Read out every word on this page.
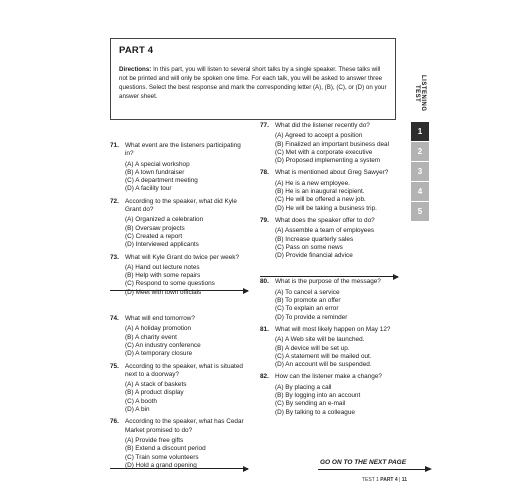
PART 4
Directions: In this part, you will listen to several short talks by a single speaker. These talks will not be printed and will only be spoken one time. For each talk, you will be asked to answer three questions. Select the best response and mark the corresponding letter (A), (B), (C), or (D) on your answer sheet.
71. What event are the listeners participating in?
(A) A special workshop
(B) A town fundraiser
(C) A department meeting
(D) A facility tour
72. According to the speaker, what did Kyle Grant do?
(A) Organized a celebration
(B) Oversaw projects
(C) Created a report
(D) Interviewed applicants
73. What will Kyle Grant do twice per week?
(A) Hand out lecture notes
(B) Help with some repairs
(C) Respond to some questions
(D) Meet with town officials
74. What will end tomorrow?
(A) A holiday promotion
(B) A charity event
(C) An industry conference
(D) A temporary closure
75. According to the speaker, what is situated next to a doorway?
(A) A stack of baskets
(B) A product display
(C) A booth
(D) A bin
76. According to the speaker, what has Cedar Market promised to do?
(A) Provide free gifts
(B) Extend a discount period
(C) Train some volunteers
(D) Hold a grand opening
77. What did the listener recently do?
(A) Agreed to accept a position
(B) Finalized an important business deal
(C) Met with a corporate executive
(D) Proposed implementing a system
78. What is mentioned about Greg Sawyer?
(A) He is a new employee.
(B) He is an inaugural recipient.
(C) He will be offered a new job.
(D) He will be taking a business trip.
79. What does the speaker offer to do?
(A) Assemble a team of employees
(B) Increase quarterly sales
(C) Pass on some news
(D) Provide financial advice
80. What is the purpose of the message?
(A) To cancel a service
(B) To promote an offer
(C) To explain an error
(D) To provide a reminder
81. What will most likely happen on May 12?
(A) A Web site will be launched.
(B) A device will be set up.
(C) A statement will be mailed out.
(D) An account will be suspended.
82. How can the listener make a change?
(A) By placing a call
(B) By logging into an account
(C) By sending an e-mail
(D) By talking to a colleague
GO ON TO THE NEXT PAGE
TEST 1 PART 4 | 11
LISTENING TEST
1
2
3
4
5
